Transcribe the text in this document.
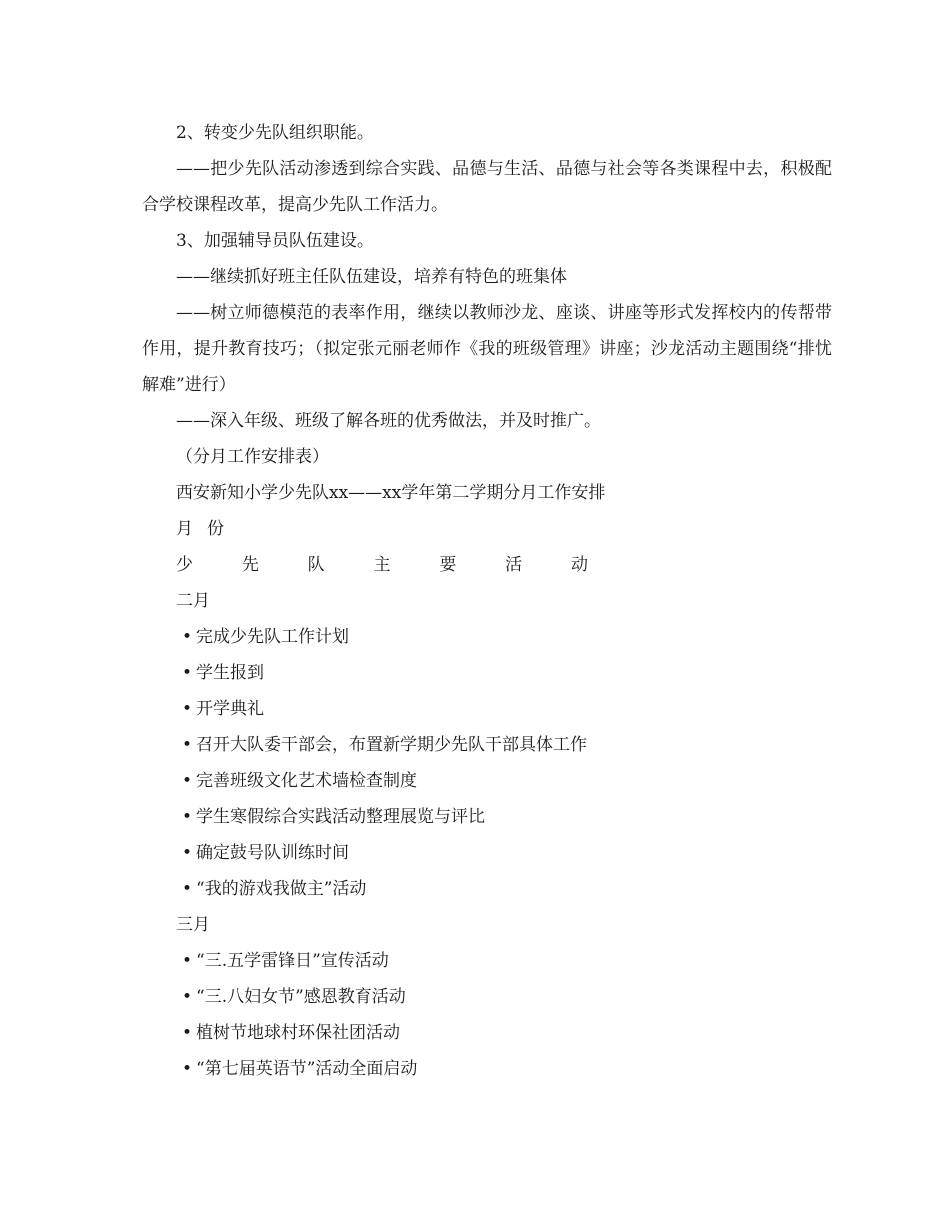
2、转变少先队组织职能。

——把少先队活动渗透到综合实践、品德与生活、品德与社会等各类课程中去，积极配合学校课程改革，提高少先队工作活力。

3、加强辅导员队伍建设。

——继续抓好班主任队伍建设，培养有特色的班集体

——树立师德模范的表率作用，继续以教师沙龙、座谈、讲座等形式发挥校内的传帮带作用，提升教育技巧；（拟定张元丽老师作《我的班级管理》讲座；沙龙活动主题围绕“排忧解难”进行）

——深入年级、班级了解各班的优秀做法，并及时推广。

（分月工作安排表）

西安新知小学少先队xx——xx学年第二学期分月工作安排

月 份
少	先	队	主	要	活	动

二月

• 完成少先队工作计划
• 学生报到
• 开学典礼
• 召开大队委干部会，布置新学期少先队干部具体工作
• 完善班级文化艺术墙检查制度
• 学生寒假综合实践活动整理展览与评比
• 确定鼓号队训练时间
• “我的游戏我做主”活动

三月

• “三.五学雷锋日”宣传活动
• “三.八妇女节”感恩教育活动
• 植树节地球村环保社团活动
• “第七届英语节”活动全面启动
